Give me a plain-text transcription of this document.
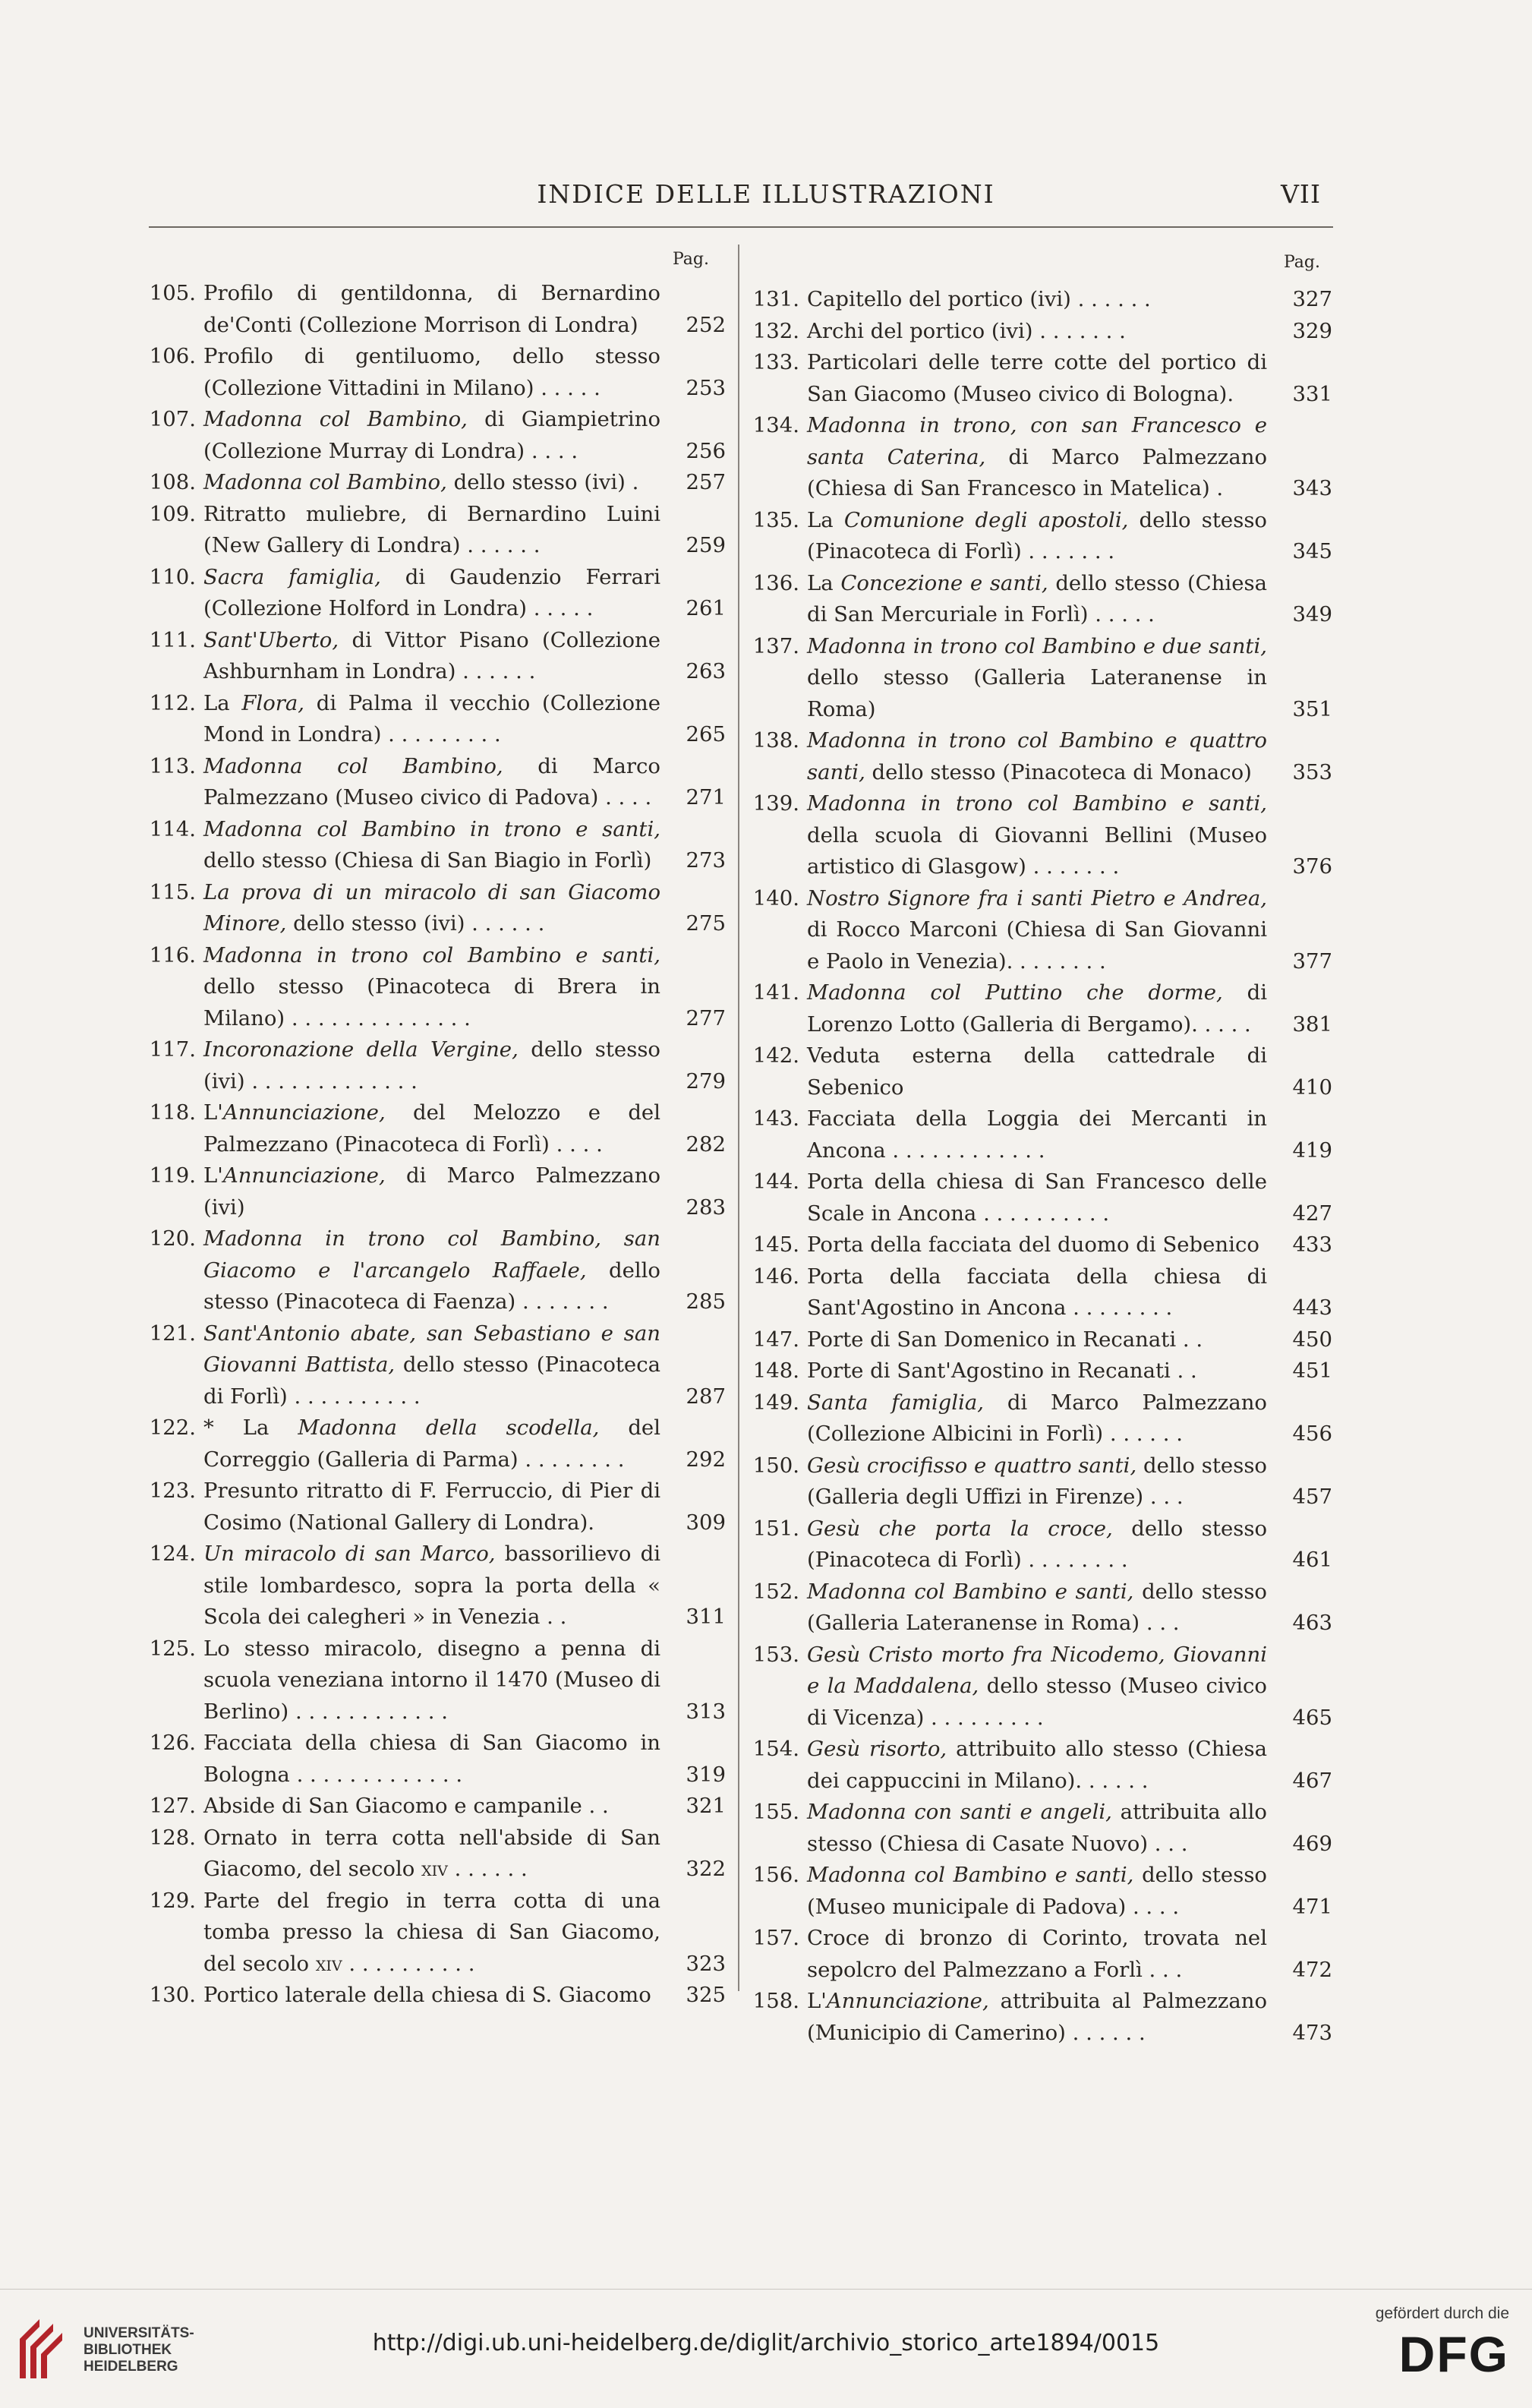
INDICE DELLE ILLUSTRAZIONI	VII
Pag.
105. Profilo di gentildonna, di Bernardino de'Conti (Collezione Morrison di Londra)	252
106. Profilo di gentiluomo, dello stesso (Collezione Vittadini in Milano) . . . . .	253
107. Madonna col Bambino, di Giampietrino (Collezione Murray di Londra) . . . .	256
108. Madonna col Bambino, dello stesso (ivi) .	257
109. Ritratto muliebre, di Bernardino Luini (New Gallery di Londra) . . . . . .	259
110. Sacra famiglia, di Gaudenzio Ferrari (Collezione Holford in Londra) . . . . .	261
111. Sant'Uberto, di Vittor Pisano (Collezione Ashburnham in Londra) . . . . . .	263
112. La Flora, di Palma il vecchio (Collezione Mond in Londra) . . . . . . . . .	265
113. Madonna col Bambino, di Marco Palmezzano (Museo civico di Padova) . . . .	271
114. Madonna col Bambino in trono e santi, dello stesso (Chiesa di San Biagio in Forlì)	273
115. La prova di un miracolo di san Giacomo Minore, dello stesso (ivi) . . . . . .	275
116. Madonna in trono col Bambino e santi, dello stesso (Pinacoteca di Brera in Milano) . . . . . . . . . . . . . .	277
117. Incoronazione della Vergine, dello stesso (ivi) . . . . . . . . . . . . .	279
118. L'Annunciazione, del Melozzo e del Palmezzano (Pinacoteca di Forlì) . . . .	282
119. L'Annunciazione, di Marco Palmezzano (ivi)	283
120. Madonna in trono col Bambino, san Giacomo e l'arcangelo Raffaele, dello stesso (Pinacoteca di Faenza) . . . . . . .	285
121. Sant'Antonio abate, san Sebastiano e san Giovanni Battista, dello stesso (Pinacoteca di Forlì) . . . . . . . . . .	287
122. * La Madonna della scodella, del Correggio (Galleria di Parma) . . . . . . . .	292
123. Presunto ritratto di F. Ferruccio, di Pier di Cosimo (National Gallery di Londra).	309
124. Un miracolo di san Marco, bassorilievo di stile lombardesco, sopra la porta della « Scola dei calegheri » in Venezia . .	311
125. Lo stesso miracolo, disegno a penna di scuola veneziana intorno il 1470 (Museo di Berlino) . . . . . . . . . . . .	313
126. Facciata della chiesa di San Giacomo in Bologna . . . . . . . . . . . . .	319
127. Abside di San Giacomo e campanile . .	321
128. Ornato in terra cotta nell'abside di San Giacomo, del secolo xiv . . . . . .	322
129. Parte del fregio in terra cotta di una tomba presso la chiesa di San Giacomo, del secolo xiv . . . . . . . . . .	323
130. Portico laterale della chiesa di S. Giacomo	325
Pag.
131. Capitello del portico (ivi) . . . . . .	327
132. Archi del portico (ivi) . . . . . . .	329
133. Particolari delle terre cotte del portico di San Giacomo (Museo civico di Bologna).	331
134. Madonna in trono, con san Francesco e santa Caterina, di Marco Palmezzano (Chiesa di San Francesco in Matelica) .	343
135. La Comunione degli apostoli, dello stesso (Pinacoteca di Forlì) . . . . . . .	345
136. La Concezione e santi, dello stesso (Chiesa di San Mercuriale in Forlì) . . . . .	349
137. Madonna in trono col Bambino e due santi, dello stesso (Galleria Lateranense in Roma)	351
138. Madonna in trono col Bambino e quattro santi, dello stesso (Pinacoteca di Monaco)	353
139. Madonna in trono col Bambino e santi, della scuola di Giovanni Bellini (Museo artistico di Glasgow) . . . . . . .	376
140. Nostro Signore fra i santi Pietro e Andrea, di Rocco Marconi (Chiesa di San Giovanni e Paolo in Venezia). . . . . . . .	377
141. Madonna col Puttino che dorme, di Lorenzo Lotto (Galleria di Bergamo). . . . .	381
142. Veduta esterna della cattedrale di Sebenico	410
143. Facciata della Loggia dei Mercanti in Ancona . . . . . . . . . . . .	419
144. Porta della chiesa di San Francesco delle Scale in Ancona . . . . . . . . . .	427
145. Porta della facciata del duomo di Sebenico	433
146. Porta della facciata della chiesa di Sant'Agostino in Ancona . . . . . . . .	443
147. Porte di San Domenico in Recanati . .	450
148. Porte di Sant'Agostino in Recanati . .	451
149. Santa famiglia, di Marco Palmezzano (Collezione Albicini in Forlì) . . . . . .	456
150. Gesù crocifisso e quattro santi, dello stesso (Galleria degli Uffizi in Firenze) . . .	457
151. Gesù che porta la croce, dello stesso (Pinacoteca di Forlì) . . . . . . . .	461
152. Madonna col Bambino e santi, dello stesso (Galleria Lateranense in Roma) . . .	463
153. Gesù Cristo morto fra Nicodemo, Giovanni e la Maddalena, dello stesso (Museo civico di Vicenza) . . . . . . . . .	465
154. Gesù risorto, attribuito allo stesso (Chiesa dei cappuccini in Milano). . . . . .	467
155. Madonna con santi e angeli, attribuita allo stesso (Chiesa di Casate Nuovo) . . .	469
156. Madonna col Bambino e santi, dello stesso (Museo municipale di Padova) . . . .	471
157. Croce di bronzo di Corinto, trovata nel sepolcro del Palmezzano a Forlì . . .	472
158. L'Annunciazione, attribuita al Palmezzano (Municipio di Camerino) . . . . . .	473
UNIVERSITÄTS-
BIBLIOTHEK
HEIDELBERG
http://digi.ub.uni-heidelberg.de/diglit/archivio_storico_arte1894/0015
gefördert durch die
DFG
